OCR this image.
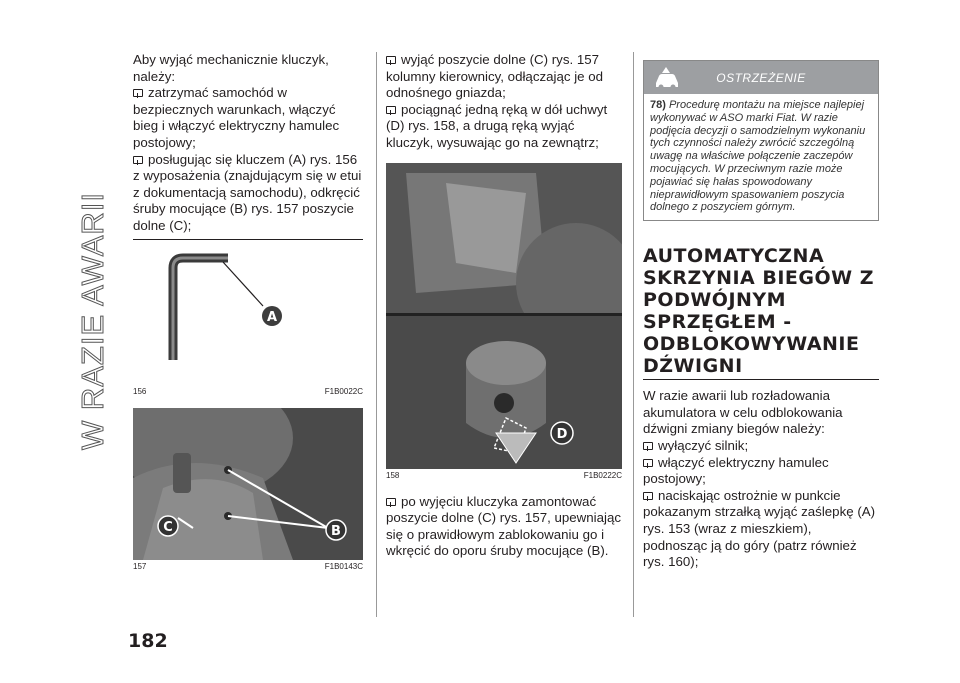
W RAZIE AWARII

Aby wyjąć mechanicznie kluczyk, należy:

zatrzymać samochód w bezpiecznych warunkach, włączyć bieg i włączyć elektryczny hamulec postojowy;

posługując się kluczem (A) rys. 156 z wyposażenia (znajdującym się w etui z dokumentacją samochodu), odkręcić śruby mocujące (B) rys. 157 poszycie dolne (C);

A
156	F1B0022C
B
C
157	F1B0143C

wyjąć poszycie dolne (C) rys. 157 kolumny kierownicy, odłączając je od odnośnego gniazda;

pociągnąć jedną ręką w dół uchwyt (D) rys. 158, a drugą ręką wyjąć kluczyk, wysuwając go na zewnątrz;

D
158	F1B0222C

po wyjęciu kluczyka zamontować poszycie dolne (C) rys. 157, upewniając się o prawidłowym zablokowaniu go i wkręcić do oporu śruby mocujące (B).

OSTRZEŻENIE
78) Procedurę montażu na miejsce najlepiej wykonywać w ASO marki Fiat. W razie podjęcia decyzji o samodzielnym wykonaniu tych czynności należy zwrócić szczególną uwagę na właściwe połączenie zaczepów mocujących. W przeciwnym razie może pojawiać się hałas spowodowany nieprawidłowym spasowaniem poszycia dolnego z poszyciem górnym.
AUTOMATYCZNA SKRZYNIA BIEGÓW Z PODWÓJNYM SPRZĘGŁEM - ODBLOKOWYWANIE DŹWIGNI

W razie awarii lub rozładowania akumulatora w celu odblokowania dźwigni zmiany biegów należy:

wyłączyć silnik;

włączyć elektryczny hamulec postojowy;

naciskając ostrożnie w punkcie pokazanym strzałką wyjąć zaślepkę (A) rys. 153 (wraz z mieszkiem), podnosząc ją do góry (patrz również rys. 160);

182
